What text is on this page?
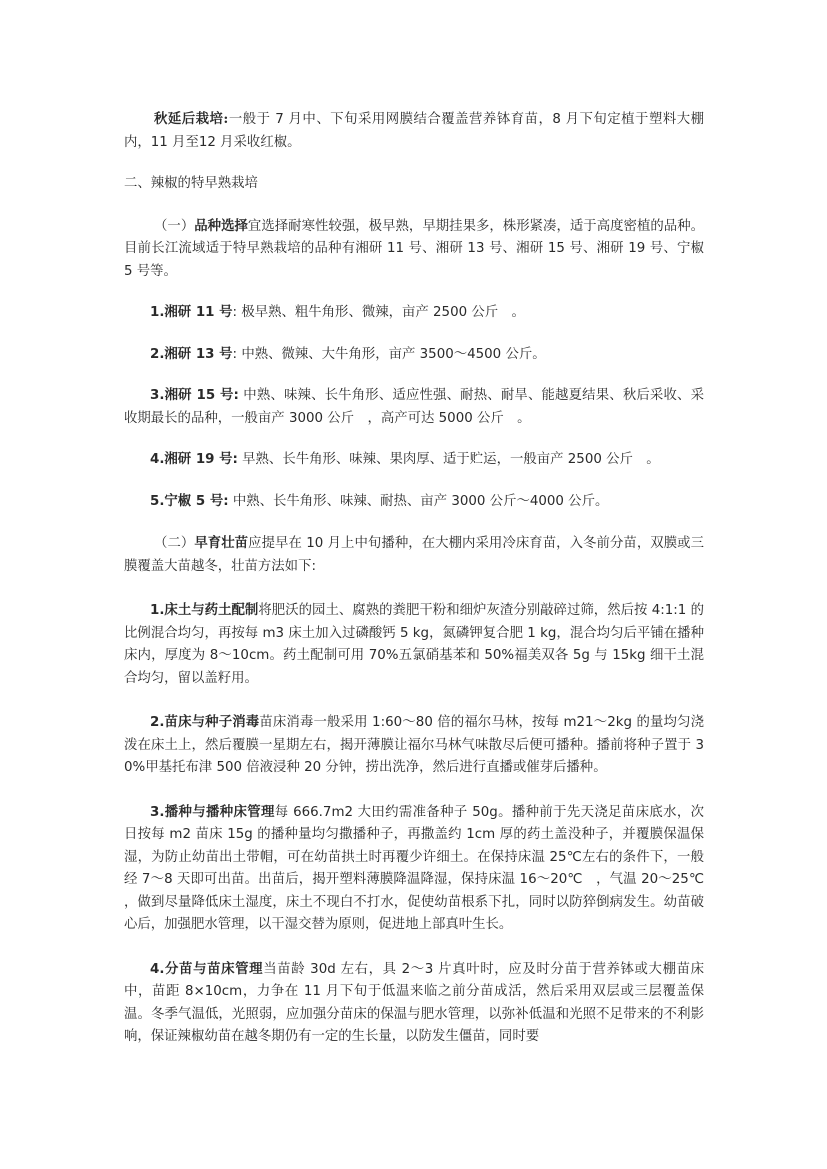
秋延后栽培:一般于 7 月中、下旬采用网膜结合覆盖营养钵育苗，8 月下旬定植于塑料大棚内，11 月至12 月采收红椒。

二、辣椒的特早熟栽培

（一）品种选择宜选择耐寒性较强，极早熟，早期挂果多，株形紧凑，适于高度密植的品种。目前长江流域适于特早熟栽培的品种有湘研 11 号、湘研 13 号、湘研 15 号、湘研 19 号、宁椒 5 号等。

1.湘研 11 号: 极早熟、粗牛角形、微辣，亩产 2500 公斤　。

2.湘研 13 号: 中熟、微辣、大牛角形，亩产 3500～4500 公斤。

3.湘研 15 号: 中熟、味辣、长牛角形、适应性强、耐热、耐旱、能越夏结果、秋后采收、采收期最长的品种，一般亩产 3000 公斤　，高产可达 5000 公斤　。

4.湘研 19 号: 早熟、长牛角形、味辣、果肉厚、适于贮运，一般亩产 2500 公斤　。

5.宁椒 5 号: 中熟、长牛角形、味辣、耐热、亩产 3000 公斤～4000 公斤。

（二）早育壮苗应提早在 10 月上中旬播种，在大棚内采用冷床育苗，入冬前分苗，双膜或三膜覆盖大苗越冬，壮苗方法如下:

1.床土与药土配制将肥沃的园土、腐熟的粪肥干粉和细炉灰渣分别敲碎过筛，然后按 4:1:1 的比例混合均匀，再按每 m3 床土加入过磷酸钙 5 kg，氮磷钾复合肥 1 kg，混合均匀后平铺在播种床内，厚度为 8～10cm。药土配制可用 70%五氯硝基苯和 50%福美双各 5g 与 15kg 细干土混合均匀，留以盖籽用。

2.苗床与种子消毒苗床消毒一般采用 1:60～80 倍的福尔马林，按每 m21～2kg 的量均匀浇泼在床土上，然后覆膜一星期左右，揭开薄膜让福尔马林气味散尽后便可播种。播前将种子置于 30%甲基托布津 500 倍液浸种 20 分钟，捞出洗净，然后进行直播或催芽后播种。

3.播种与播种床管理每 666.7m2 大田约需准备种子 50g。播种前于先天浇足苗床底水，次日按每 m2 苗床 15g 的播种量均匀撒播种子，再撒盖约 1cm 厚的药土盖没种子，并覆膜保温保湿，为防止幼苗出土带帽，可在幼苗拱土时再覆少许细土。在保持床温 25℃左右的条件下，一般经 7～8 天即可出苗。出苗后，揭开塑料薄膜降温降湿，保持床温 16～20℃　，气温 20～25℃　，做到尽量降低床土湿度，床土不现白不打水，促使幼苗根系下扎，同时以防猝倒病发生。幼苗破心后，加强肥水管理，以干湿交替为原则，促进地上部真叶生长。

4.分苗与苗床管理当苗龄 30d 左右，具 2～3 片真叶时，应及时分苗于营养钵或大棚苗床中，苗距 8×10cm，力争在 11 月下旬于低温来临之前分苗成活，然后采用双层或三层覆盖保温。冬季气温低，光照弱，应加强分苗床的保温与肥水管理，以弥补低温和光照不足带来的不利影响，保证辣椒幼苗在越冬期仍有一定的生长量，以防发生僵苗，同时要
